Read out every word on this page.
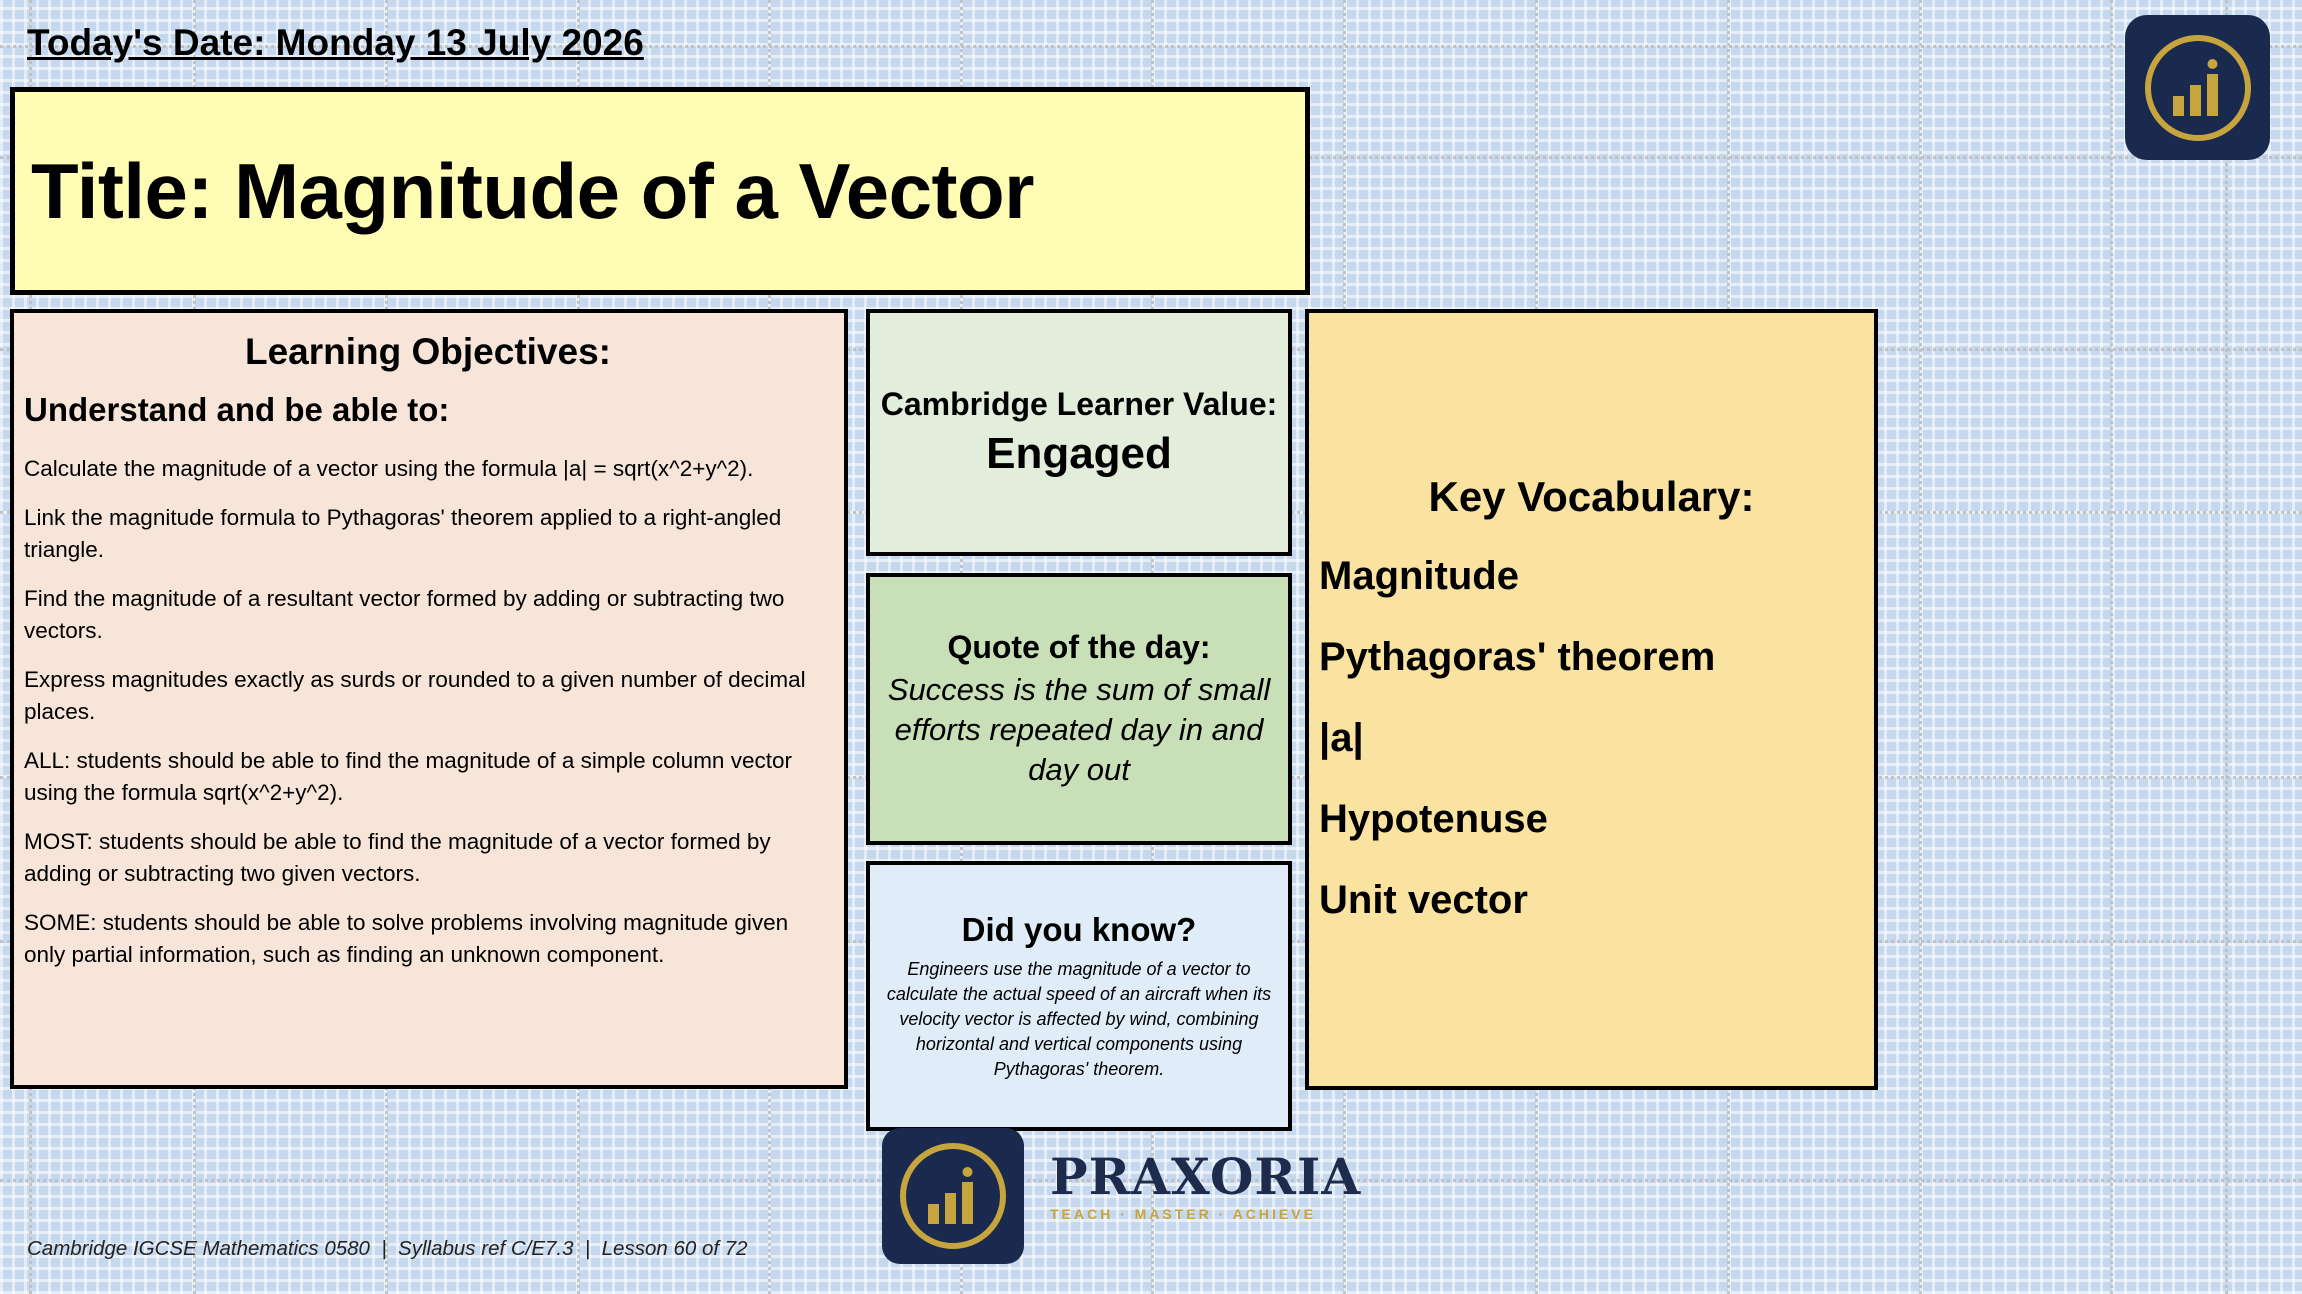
Today's Date: Monday 13 July 2026
Title: Magnitude of a Vector
Learning Objectives:
Understand and be able to:
Calculate the magnitude of a vector using the formula |a| = sqrt(x^2+y^2).
Link the magnitude formula to Pythagoras' theorem applied to a right-angled triangle.
Find the magnitude of a resultant vector formed by adding or subtracting two vectors.
Express magnitudes exactly as surds or rounded to a given number of decimal places.
ALL: students should be able to find the magnitude of a simple column vector using the formula sqrt(x^2+y^2).
MOST: students should be able to find the magnitude of a vector formed by adding or subtracting two given vectors.
SOME: students should be able to solve problems involving magnitude given only partial information, such as finding an unknown component.
Cambridge Learner Value:
Engaged
Quote of the day:
Success is the sum of small efforts repeated day in and day out
Did you know?
Engineers use the magnitude of a vector to calculate the actual speed of an aircraft when its velocity vector is affected by wind, combining horizontal and vertical components using Pythagoras' theorem.
Key Vocabulary:
Magnitude
Pythagoras' theorem
|a|
Hypotenuse
Unit vector
PRAXORIA
TEACH · MASTER · ACHIEVE
Cambridge IGCSE Mathematics 0580  |  Syllabus ref C/E7.3  |  Lesson 60 of 72
